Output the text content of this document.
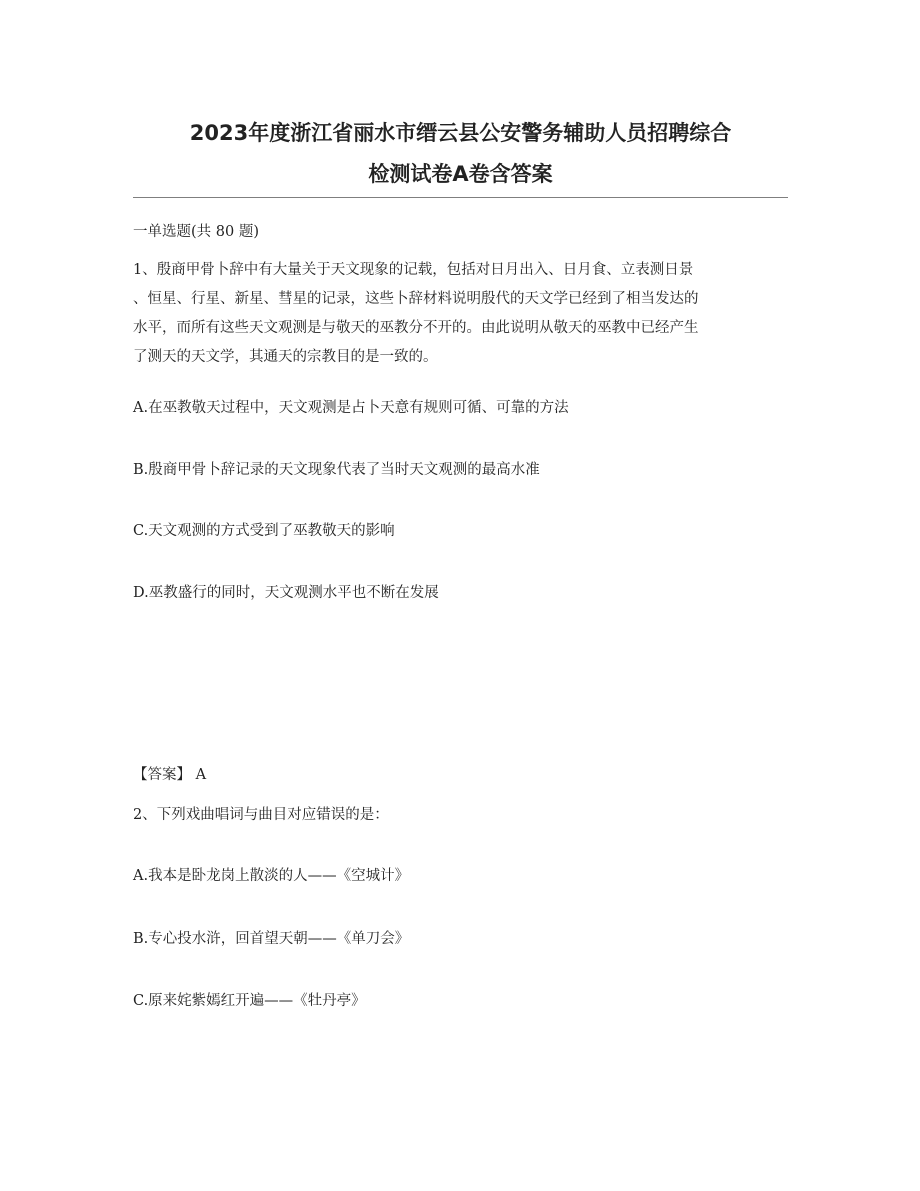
2023年度浙江省丽水市缙云县公安警务辅助人员招聘综合
检测试卷A卷含答案
一单选题(共 80 题)
1、殷商甲骨卜辞中有大量关于天文现象的记载，包括对日月出入、日月食、立表测日景
、恒星、行星、新星、彗星的记录，这些卜辞材料说明殷代的天文学已经到了相当发达的
水平，而所有这些天文观测是与敬天的巫教分不开的。由此说明从敬天的巫教中已经产生
了测天的天文学，其通天的宗教目的是一致的。
A.在巫教敬天过程中，天文观测是占卜天意有规则可循、可靠的方法
B.殷商甲骨卜辞记录的天文现象代表了当时天文观测的最高水准
C.天文观测的方式受到了巫教敬天的影响
D.巫教盛行的同时，天文观测水平也不断在发展
【答案】 A
2、下列戏曲唱词与曲目对应错误的是：
A.我本是卧龙岗上散淡的人——《空城计》
B.专心投水浒，回首望天朝——《单刀会》
C.原来姹紫嫣红开遍——《牡丹亭》
